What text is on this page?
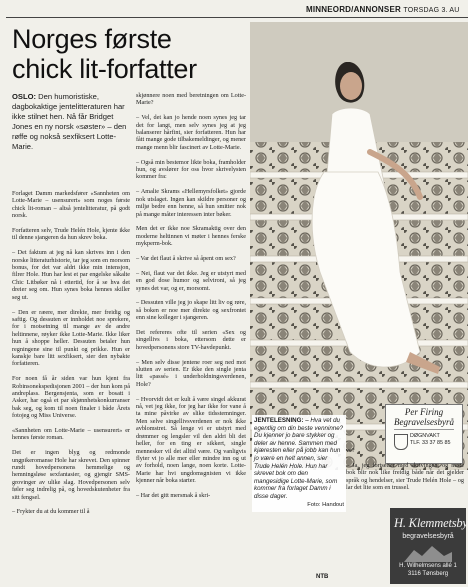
MINNEORD/ANNONSER TORSDAG 3. AU
Norges første
chick lit-forfatter
OSLO: Den humoristiske, dagbokaktige jentelitteraturen har ikke stilnet hen. Nå får Bridget Jones en ny norsk «søster» – den røffe og nokså sexfiksert Lotte-Marie.
Forlaget Damm markedsfører «Sannheten om Lotte-Marie – usensurert» som noges første chick lit-roman – altså jentelitteratur, på godt norsk.

Forfatteren selv, Trude Helén Hole, kjente ikke til denne sjangeren da hun skrev boka.

– Det faktum at jeg nå kan skrives inn i den norske litteraturhistorie, tar jeg som en morsom bonus, for det var aldri ikke min intensjon, filrer Hole. Hun har lest et par engelske såkalte Chic Litbøker nå i ettertid, for å se hva det dreier seg om. Hun synes boka hennes skiller seg ut.

– Den er ræere, mer direkte, mer freidig og saftig. Og dessuten er innholdet noe sprekere, for i motsetning til mange av de andre heltinnene, røyker ikke Lotte-Marie. Ikke liker hun å shoppe heller. Dessuten betaler hun regningene sine til punkt og prikke. Hun er kanskje bare litt sexfiksert, sier den nybakte forfatteren.

For noen få år siden var hun kjent fra Robinsonekspedisjonen 2001 – der hun kom på andreplass. Bergensjenta, som er bosatt i Asker, har også et par skjønnhetskonkurranser bak seg, og kom til noen finaler i både Årets fotojeg og Miss Universe.

«Sannheten om Lotte-Marie – usensurert» er hennes første roman.

Det er ingen blyg og redmonde ungpikeromanse Hole har skrevet. Den spinner rundt hovedpersonens hemmelige og hemningsløse sexfantasier, og gjengir SMS-grovinger av ulike slag. Hovedpersonen selv føler seg indrelig på, og hovedskutenheter fra sitt fengsel.

– Frykter du at du kommer til å
skjønnere noen med beretningen om Lotte-Marie?

– Vel, det kan jo hende noen synes jeg tar det for langt, men selv synes jeg at jeg balanserer hårfint, sier forfatteren. Hun har fått mange gode tilbakemeldinger, og mener mange menn blir fascinert av Lotte-Marie.

– Også min bestemor likte boka, framholder hun, og avslører for oss hvor skrivelysten kommer fra:

– Amalie Skrams «Hellemyrsfolket» gjorde nok utslaget. Ingen kan skildre personer og miljø bedre enn henne, så hun smitter nok på mange måter interessen inter bøker.

Men det er ikke noe Skramaktig over den moderne heltinnen vi møter i hennes ferske mykperm-bok.

– Var det flaut å skrive så åpent om sex?

– Nei, flaut var det ikke. Jeg er utstyrt med en god dose humor og selvironi, så jeg synes det var, og er, morsomt.

– Dessuten ville jeg jo skape litt liv og røre, så boken er noe mer direkte og sexfrontet enn sine kolleger i sjangeren.

Det refereres ofte til serien «Sex og singellivs i boka, ettersom dette er hovedpersonens store TV-havdepunkt.

– Men selv disse jentene roer seg ned mot slutten av serien. Er ikke den single jenta litt «passé» i underholdningsverdenen, Hole?

– Hvorvidt det er kult å være singel akkurat nå, vet jeg ikke, for jeg har ikke for vane å ta mine påvirke av slike tidsstemninger. Men selve singellivsverdenen er nok ikke avblomstret. Så lenge vi er utstyrt med drømmer og lengsler vil den aldri bli det heller, for en ting er sikkert, single mennesker vil det alltid være. Og vanligvis flyter vi jo alle mer eller mindre inn og ut av forhold, noen lange, noen korte. Lotte-Marie har hvi ungdomsgnisten vi ikke kjenner når boka starter.

– Har det gitt mersmak å skri-
JENTELESNING: – Hva vet du egentlig om din beste venninne? Du kjenner jo bare stykker og deler av henne. Sammen med kjæresten eller på jobb kan hun jo være en helt annen, sier Trude Helén Hole. Hun har skrevet bok om den mangesidige Lotte-Marie, som kommer fra forlaget Damm i disse dager.
Foto: Handout
Per Firing
Begravelsesbyrå
DØGNVAKT
TLF. 33 37 85 85
ve?

– Ja, jeg fortsetter med skrivingen, og neste bok blir nok like freidig både når det gjelder språk og hendelser, sier Trude Helén Hole – og lar det lite som en trussel.
H. Klemmetsby
begravelsesbyrå
H. Wilhelmsens allé 1
3116 Tønsberg
NTB
